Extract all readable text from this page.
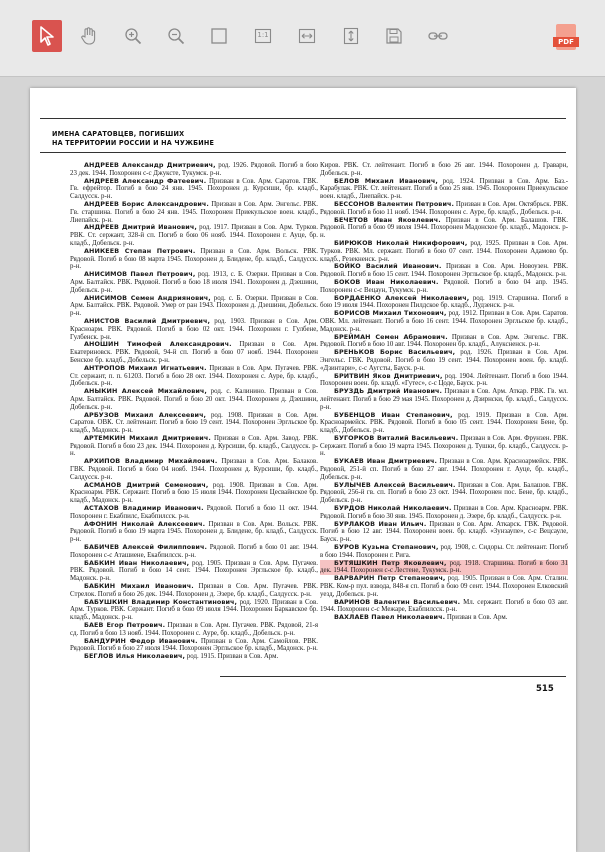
1:1
PDF
ИМЕНА САРАТОВЦЕВ, ПОГИБШИХ
НА ТЕРРИТОРИИ РОССИИ И НА ЧУЖБИНЕ

АНДРЕЕВ Александр Дмитриевич, род. 1926. Рядовой. Погиб в бою 23 дек. 1944. Похоронен с-с Джуксте, Тукумск. р-н.

АНДРЕЕВ Александр Фатеевич. Призван в Сов. Арм. Саратов. ГВК. Гв. ефрейтор. Погиб в бою 24 янв. 1945. Похоронен д. Курсиши, бр. кладб., Салдусск. р-н.

АНДРЕЕВ Борис Александрович. Призван в Сов. Арм. Энгельс. РВК. Гв. старшина. Погиб в бою 24 янв. 1945. Похоронен Приекульское воен. кладб., Лиепайск. р-н.

АНДРЕЕВ Дмитрий Иванович, род. 1917. Призван в Сов. Арм. Турков. РВК. Ст. сержант, 328-й сп. Погиб в бою 06 нояб. 1944. Похоронен г. Ауце, бр. кладб., Добельск. р-н.

АНИКЕЕВ Степан Петрович. Призван в Сов. Арм. Вольск. РВК. Рядовой. Погиб в бою 08 марта 1945. Похоронен д. Блидене, бр. кладб., Салдусск. р-н.

АНИСИМОВ Павел Петрович, род. 1913, с. Б. Озерки. Призван в Сов. Арм. Балтайск. РВК. Рядовой. Погиб в бою 18 июля 1941. Похоронен д. Дзешини, Добельск. р-н.

АНИСИМОВ Семен Андриянович, род. с. Б. Озерки. Призван в Сов. Арм. Балтайск. РВК. Рядовой. Умер от ран 1943. Похоронен д. Дзешини, Добельск. р-н.

АНИСТОВ Василий Дмитриевич, род. 1903. Призван в Сов. Арм. Красноарм. РВК. Рядовой. Погиб в бою 02 окт. 1944. Похоронен г. Гулбене, Гулбенск. р-н.

АНОШИН Тимофей Александрович. Призван в Сов. Арм. Екатериновск. РВК. Рядовой, 94-й сп. Погиб в бою 07 нояб. 1944. Похоронен Бенское бр. кладб., Добельск. р-н.

АНТРОПОВ Михаил Игнатьевич. Призван в Сов. Арм. Пугачев. РВК. Ст. сержант, п. п. 61203. Погиб в бою 28 окт. 1944. Похоронен с. Ауре, бр. кладб., Добельск. р-н.

АНЫКИН Алексей Михайлович, род. с. Калинино. Призван в Сов. Арм. Балтайск. РВК. Рядовой. Погиб в бою 20 окт. 1944. Похоронен д. Дзешини, Добельск. р-н.

АРБУЗОВ Михаил Алексеевич, род. 1908. Призван в Сов. Арм. Саратов. ОВК. Ст. лейтенант. Погиб в бою 19 сент. 1944. Похоронен Эргльское бр. кладб., Мадонск. р-н.

АРТЕМКИН Михаил Дмитриевич. Призван в Сов. Арм. Завод. РВК. Рядовой. Погиб в бою 23 дек. 1944. Похоронен д. Курсиши, бр. кладб., Салдусск. р-н.

АРХИПОВ Владимир Михайлович. Призван в Сов. Арм. Балаков. ГВК. Рядовой. Погиб в бою 04 нояб. 1944. Похоронен д. Курсиши, бр. кладб., Салдусск. р-н.

АСМАНОВ Дмитрий Семенович, род. 1908. Призван в Сов. Арм. Красноарм. РВК. Сержант. Погиб в бою 15 июля 1944. Похоронен Цесвайнское бр. кладб., Мадонск. р-н.

АСТАХОВ Владимир Иванович. Рядовой. Погиб в бою 11 окт. 1944. Похоронен г. Екабпилс, Екабпилсск. р-н.

АФОНИН Николай Алексеевич. Призван в Сов. Арм. Вольск. РВК. Рядовой. Погиб в бою 19 марта 1945. Похоронен д. Блидене, бр. кладб., Салдусск. р-н.

БАБИЧЕВ Алексей Филиппович. Рядовой. Погиб в бою 01 авг. 1944. Похоронен с-с Аташиене, Екабпилсск. р-н.

БАБКИН Иван Николаевич, род. 1905. Призван в Сов. Арм. Пугачев. РВК. Рядовой. Погиб в бою 14 сент. 1944. Похоронен Эргльское бр. кладб., Мадонск. р-н.

БАБКИН Михаил Иванович. Призван в Сов. Арм. Пугачев. РВК. Стрелок. Погиб в бою 26 дек. 1944. Похоронен д. Эзере, бр. кладб., Салдусск. р-н.

БАБУШКИН Владимир Константинович, род. 1920. Призван в Сов. Арм. Турков. РВК. Сержант. Погиб в бою 09 июля 1944. Похоронен Баркавское бр. кладб., Мадонск. р-н.

БАЕВ Егор Петрович. Призван в Сов. Арм. Пугачев. РВК. Рядовой, 21-я сд. Погиб в бою 13 нояб. 1944. Похоронен с. Ауре, бр. кладб., Добельск. р-н.

БАНДУРИН Федор Иванович. Призван в Сов. Арм. Самойлов. РВК. Рядовой. Погиб в бою 27 июля 1944. Похоронен Эргльское бр. кладб., Мадонск. р-н.

БЕГЛОВ Илья Николаевич, род. 1915. Призван в Сов. Арм.

Киров. РВК. Ст. лейтенант. Погиб в бою 26 авг. 1944. Похоронен д. Граварн, Добельск. р-н.

БЕЛОВ Михаил Иванович, род. 1924. Призван в Сов. Арм. Баз.-Карабулак. РВК. Ст. лейтенант. Погиб в бою 25 янв. 1945. Похоронен Приекульское воен. кладб., Лиепайск. р-н.

БЕССОНОВ Валентин Петрович. Призван в Сов. Арм. Октябрьск. РВК. Рядовой. Погиб в бою 11 нояб. 1944. Похоронен с. Ауре, бр. кладб., Добельск. р-н.

БЕЧЕТОВ Иван Яковлевич. Призван в Сов. Арм. Балашов. ГВК. Рядовой. Погиб в бою 09 июля 1944. Похоронен Мадонское бр. кладб., Мадонск. р-н.

БИРЮКОВ Николай Никифорович, род. 1925. Призван в Сов. Арм. Турков. РВК. Мл. сержант. Погиб в бою 07 сент. 1944. Похоронен Адамово бр. кладб., Резекненск. р-н.

БОЙКО Василий Иванович. Призван в Сов. Арм. Новоузен. РВК. Рядовой. Погиб в бою 15 сент. 1944. Похоронен Эргльское бр. кладб., Мадонск. р-н.

БОКОВ Иван Николаевич. Рядовой. Погиб в бою 04 апр. 1945. Похоронен с-с Вецаун, Тукумск. р-н.

БОРДАЕНКО Алексей Николаевич, род. 1919. Старшина. Погиб в бою 19 июля 1944. Похоронен Пилдское бр. кладб., Лудзенск. р-н.

БОРИСОВ Михаил Тихонович, род. 1912. Призван в Сов. Арм. Саратов. ОВК. Мл. лейтенант. Погиб в бою 16 сент. 1944. Похоронен Эргльское бр. кладб., Мадонск. р-н.

БРЕЙМАН Семен Абрамович. Призван в Сов. Арм. Энгельс. ГВК. Рядовой. Погиб в бою 10 авг. 1944. Похоронен бр. кладб., Алуксненск. р-н.

БРЕНЬКОВ Борис Васильевич, род. 1926. Призван в Сов. Арм. Энгельс. ГВК. Рядовой. Погиб в бою 19 сент. 1944. Похоронен воен. бр. кладб. «Дзинтари», с-с Аугсты, Бауск. р-н.

БРИТВИН Яков Дмитриевич, род. 1904. Лейтенант. Погиб в бою 1944. Похоронен воен. бр. кладб. «Гутес», с-с Цоде, Бауск. р-н.

БРУЗДЬ Дмитрий Иванович. Призван в Сов. Арм. Аткар. РВК. Гв. мл. лейтенант. Погиб в бою 29 мая 1945. Похоронен д. Дзирнски, бр. кладб., Салдусск. р-н.

БУБЕНЦОВ Иван Степанович, род. 1919. Призван в Сов. Арм. Красноармейск. РВК. Рядовой. Погиб в бою 05 сент. 1944. Похоронен Бене, бр. кладб., Добельск. р-н.

БУГОРКОВ Виталий Васильевич. Призван в Сов. Арм. Фрунзен. РВК. Сержант. Погиб в бою 19 марта 1945. Похоронен д. Тушки, бр. кладб., Салдусск. р-н.

БУКАЕВ Иван Дмитриевич. Призван в Сов. Арм. Красноармейск. РВК. Рядовой, 251-й сп. Погиб в бою 27 авг. 1944. Похоронен г. Ауце, бр. кладб., Добельск. р-н.

БУЛЫЧЕВ Алексей Васильевич. Призван в Сов. Арм. Балашов. ГВК. Рядовой, 256-й гв. сп. Погиб в бою 23 окт. 1944. Похоронен пос. Бене, бр. кладб., Добельск. р-н.

БУРДОВ Николай Николаевич. Призван в Сов. Арм. Красноарм. РВК. Рядовой. Погиб в бою 30 янв. 1945. Похоронен д. Эзере, бр. кладб., Салдусск. р-н.

БУРЛАКОВ Иван Ильич. Призван в Сов. Арм. Аткарск. ГВК. Рядовой. Погиб в бою 12 авг. 1944. Похоронен воен. бр. кладб. «Зунзаупе», с-с Вецсауле, Бауск. р-н.

БУРОВ Кузьма Степанович, род. 1908, с. Сидоры. Ст. лейтенант. Погиб в бою 1944. Похоронен г. Рига.

БУТЯШКИН Петр Яковлевич, род. 1918. Старшина. Погиб в бою 31 дек. 1944. Похоронен с-с Лестене, Тукумск. р-н.

ВАРВАРИН Петр Степанович, род. 1905. Призван в Сов. Арм. Сталин. РВК. Ком-р пул. взвода, 848-я сп. Погиб в бою 09 сент. 1944. Похоронен Елковский уезд, Добельск. р-н.

ВАРИНОВ Валентин Васильевич. Мл. сержант. Погиб в бою 03 авг. 1944. Похоронен с-с Межаре, Екабпилсск. р-н.

ВАХЛАЕВ Павел Николаевич. Призван в Сов. Арм.

515
